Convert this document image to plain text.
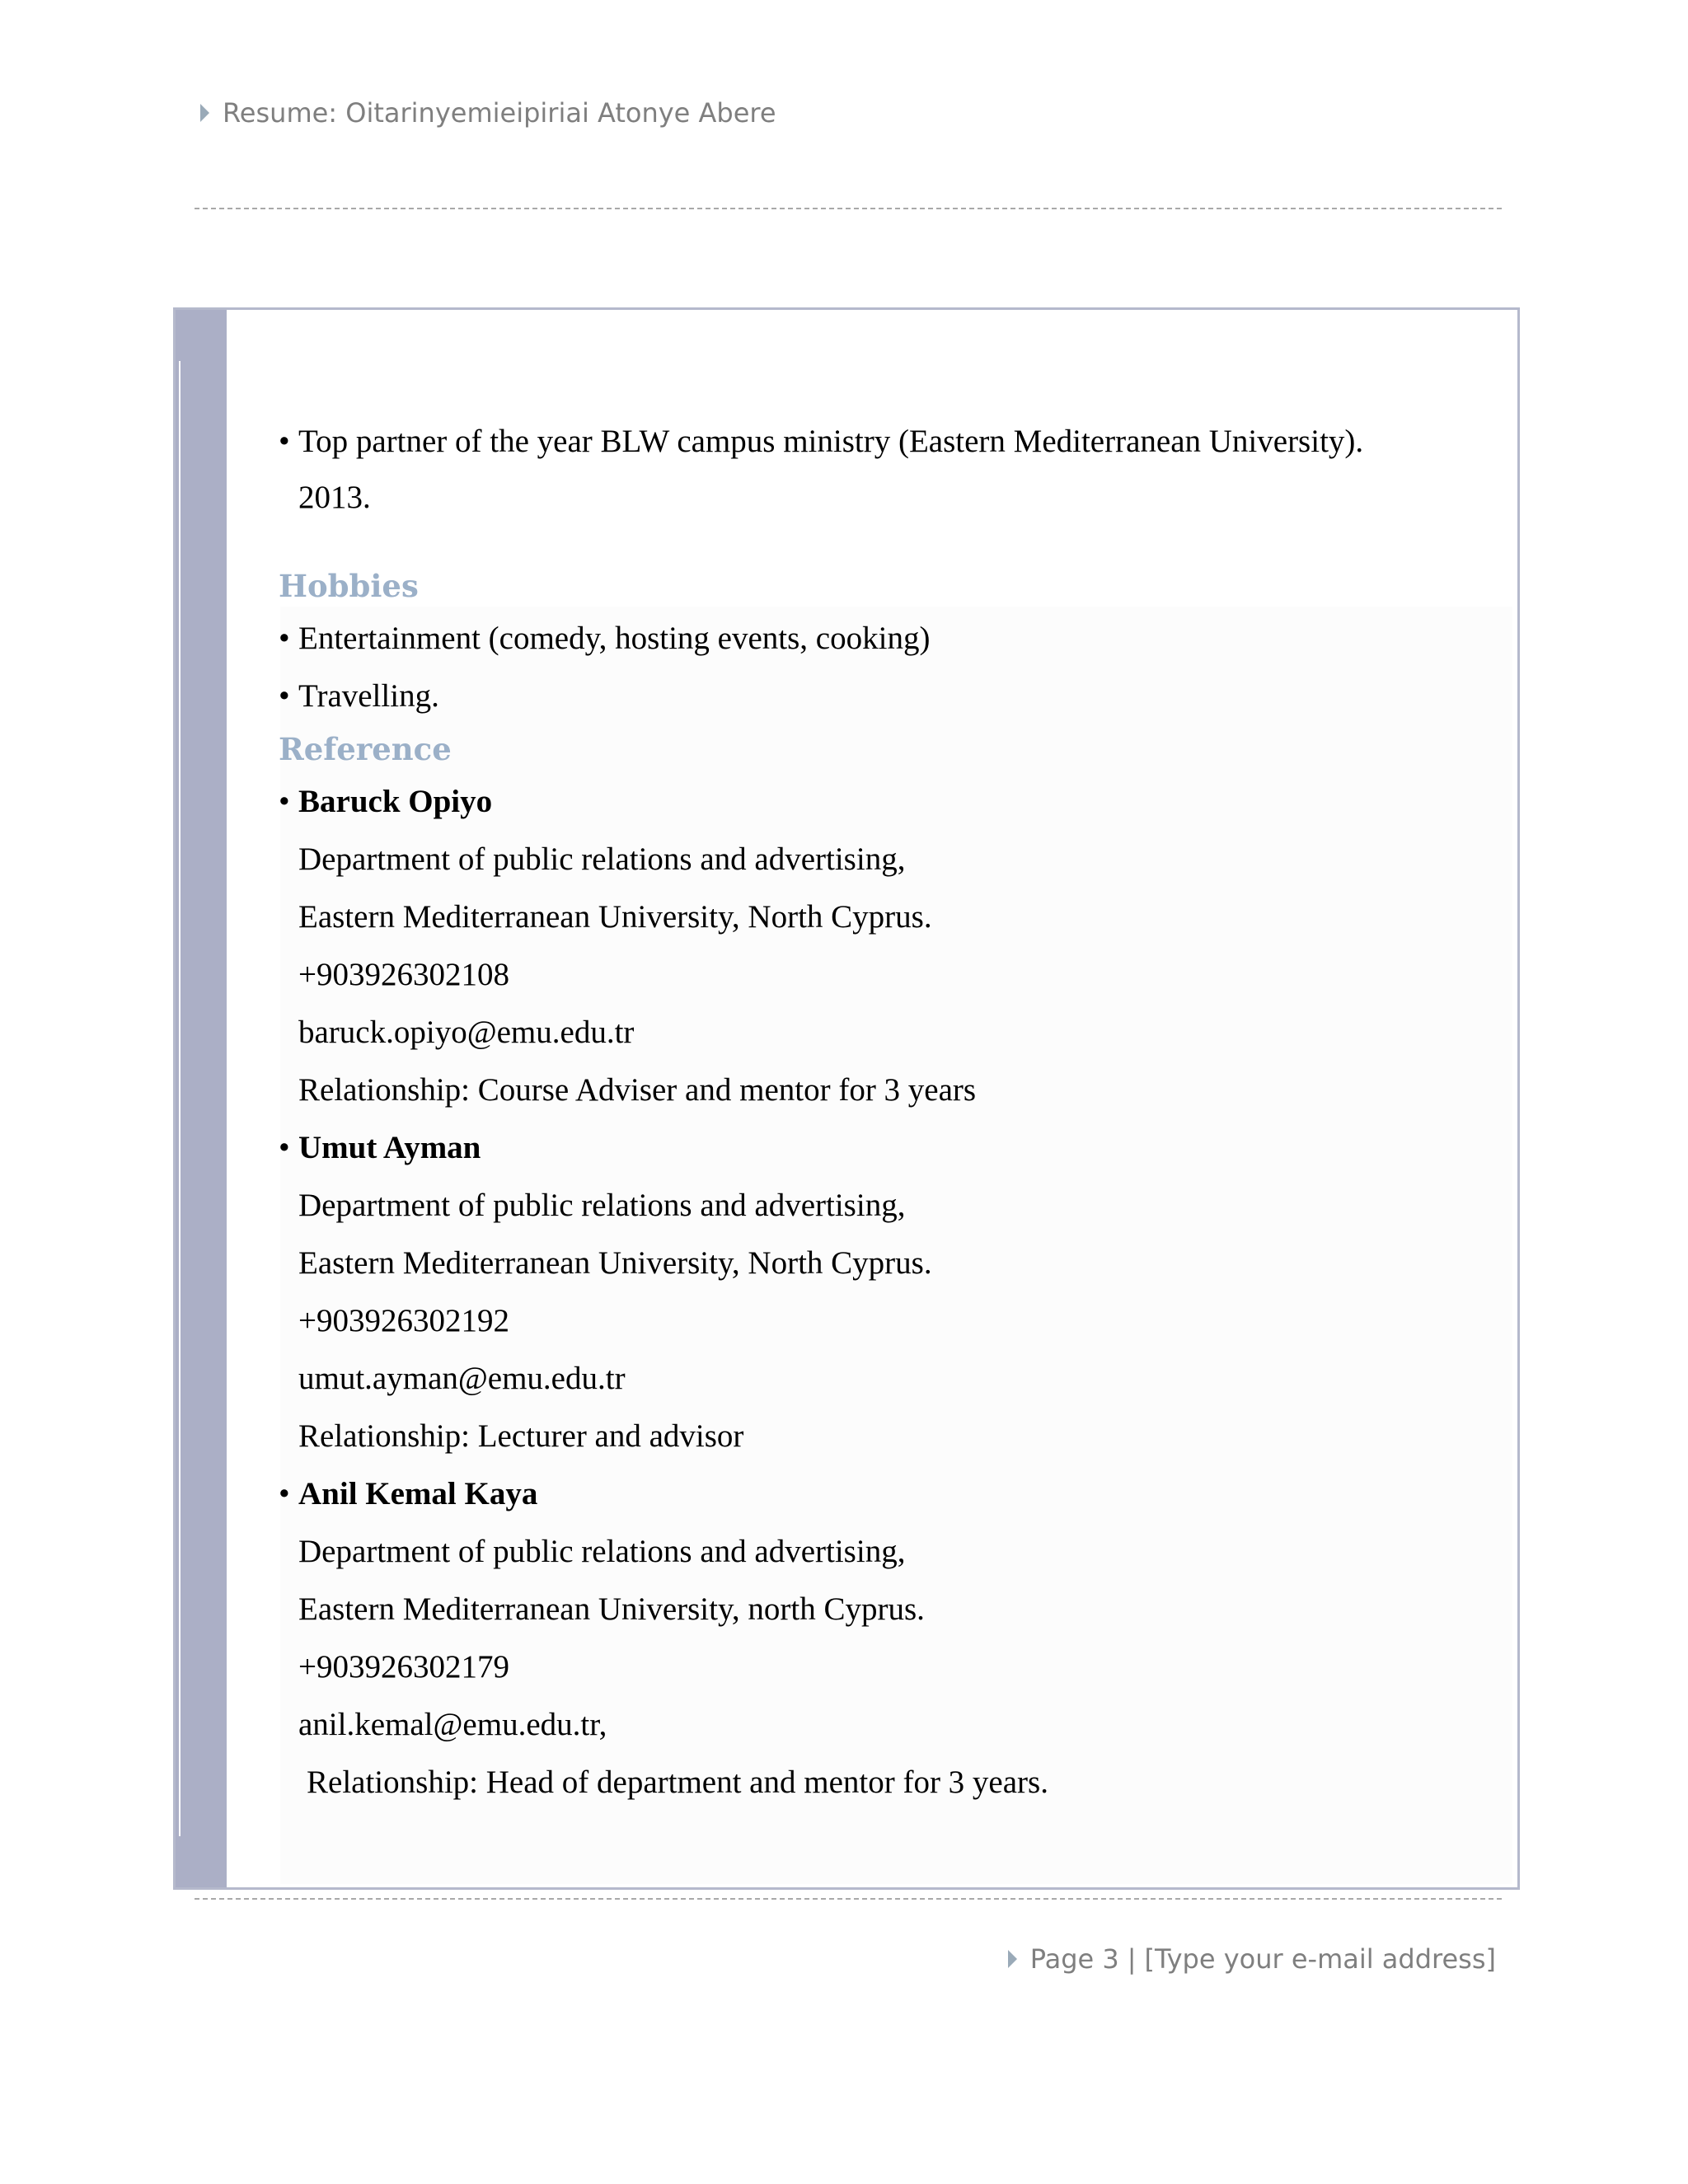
Resume: Oitarinyemieipiriai Atonye Abere
• Top partner of the year BLW campus ministry (Eastern Mediterranean University).
2013.
Hobbies
• Entertainment (comedy, hosting events, cooking)
• Travelling.
Reference
• Baruck Opiyo
Department of public relations and advertising,
Eastern Mediterranean University, North Cyprus.
+903926302108
baruck.opiyo@emu.edu.tr
Relationship: Course Adviser and mentor for 3 years
• Umut Ayman
Department of public relations and advertising,
Eastern Mediterranean University, North Cyprus.
+903926302192
umut.ayman@emu.edu.tr
Relationship: Lecturer and advisor
• Anil Kemal Kaya
Department of public relations and advertising,
Eastern Mediterranean University, north Cyprus.
+903926302179
anil.kemal@emu.edu.tr,
Relationship: Head of department and mentor for 3 years.
Page 3 | [Type your e-mail address]
